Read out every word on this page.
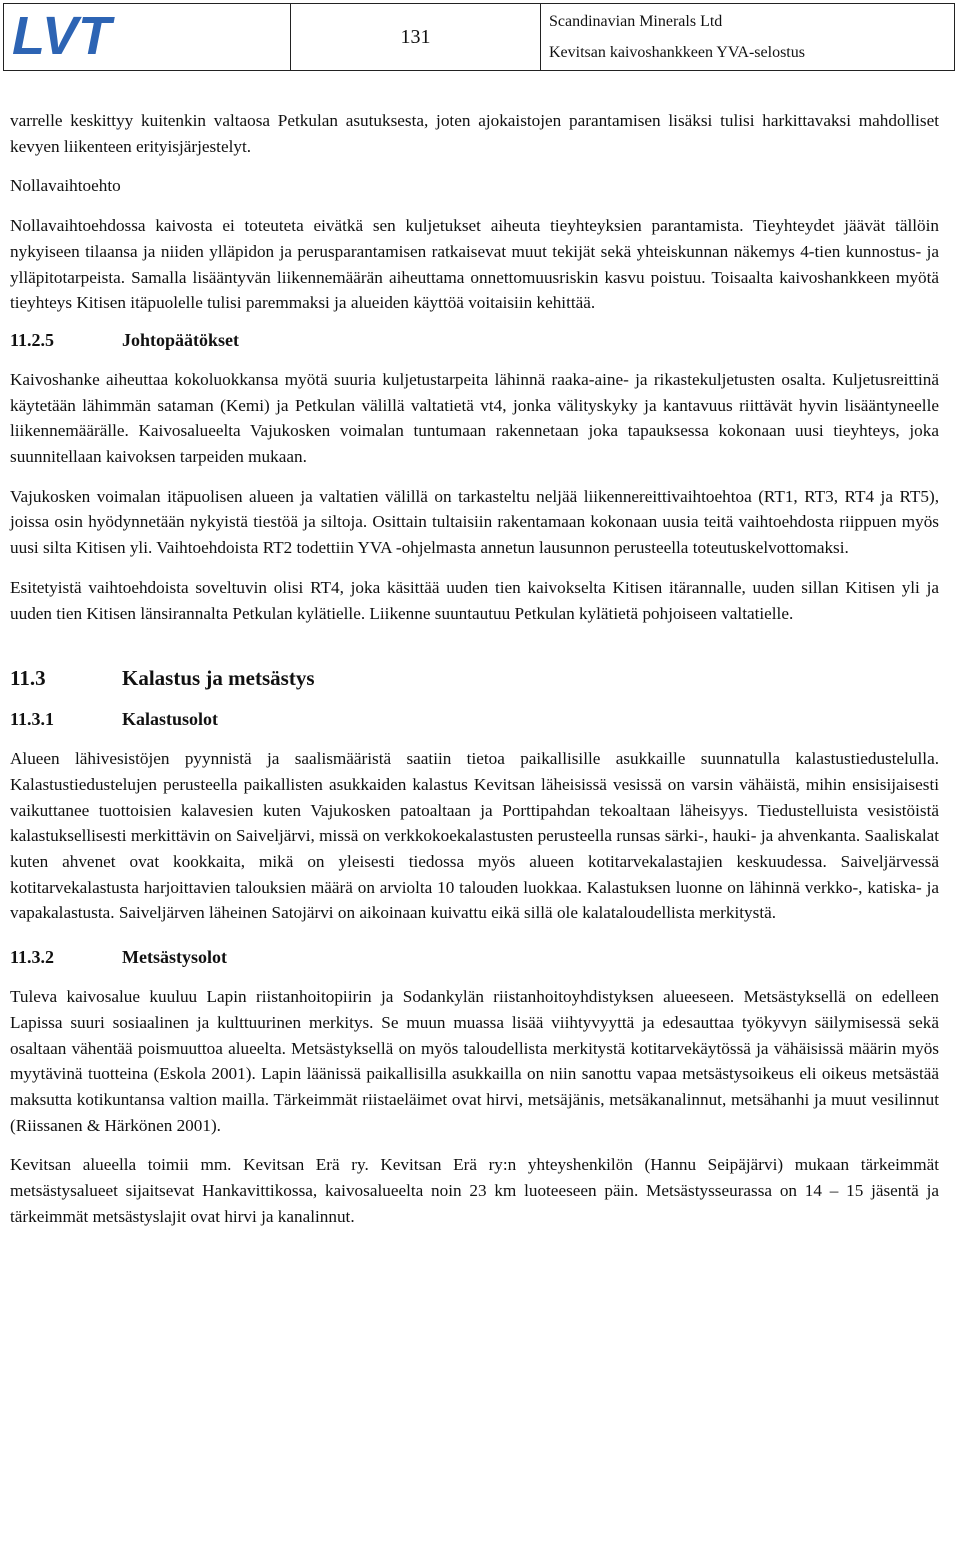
LVT	131
Scandinavian Minerals Ltd
Kevitsan kaivoshankkeen YVA-selostus

varrelle keskittyy kuitenkin valtaosa Petkulan asutuksesta, joten ajokaistojen parantamisen lisäksi tulisi harkittavaksi mahdolliset kevyen liikenteen erityisjärjestelyt.

Nollavaihtoehto

Nollavaihtoehdossa kaivosta ei toteuteta eivätkä sen kuljetukset aiheuta tieyhteyksien parantamista. Tieyhteydet jäävät tällöin nykyiseen tilaansa ja niiden ylläpidon ja perusparantamisen ratkaisevat muut tekijät sekä yhteiskunnan näkemys 4-tien kunnostus- ja ylläpitotarpeista. Samalla lisääntyvän liikennemäärän aiheuttama onnettomuusriskin kasvu poistuu. Toisaalta kaivoshankkeen myötä tieyhteys Kitisen itäpuolelle tulisi paremmaksi ja alueiden käyttöä voitaisiin kehittää.

11.2.5	Johtopäätökset

Kaivoshanke aiheuttaa kokoluokkansa myötä suuria kuljetustarpeita lähinnä raaka-aine- ja rikastekuljetusten osalta. Kuljetusreittinä käytetään lähimmän sataman (Kemi) ja Petkulan välillä valtatietä vt4, jonka välityskyky ja kantavuus riittävät hyvin lisääntyneelle liikennemäärälle. Kaivosalueelta Vajukosken voimalan tuntumaan rakennetaan joka tapauksessa kokonaan uusi tieyhteys, joka suunnitellaan kaivoksen tarpeiden mukaan.

Vajukosken voimalan itäpuolisen alueen ja valtatien välillä on tarkasteltu neljää liikennereittivaihtoehtoa (RT1, RT3, RT4 ja RT5), joissa osin hyödynnetään nykyistä tiestöä ja siltoja. Osittain tultaisiin rakentamaan kokonaan uusia teitä vaihtoehdosta riippuen myös uusi silta Kitisen yli. Vaihtoehdoista RT2 todettiin YVA -ohjelmasta annetun lausunnon perusteella toteutuskelvottomaksi.

Esitetyistä vaihtoehdoista soveltuvin olisi RT4, joka käsittää uuden tien kaivokselta Kitisen itärannalle, uuden sillan Kitisen yli ja uuden tien Kitisen länsirannalta Petkulan kylätielle. Liikenne suuntautuu Petkulan kylätietä pohjoiseen valtatielle.

11.3	Kalastus ja metsästys
11.3.1	Kalastusolot

Alueen lähivesistöjen pyynnistä ja saalismääristä saatiin tietoa paikallisille asukkaille suunnatulla kalastustiedustelulla. Kalastustiedustelujen perusteella paikallisten asukkaiden kalastus Kevitsan läheisissä vesissä on varsin vähäistä, mihin ensisijaisesti vaikuttanee tuottoisien kalavesien kuten Vajukosken patoaltaan ja Porttipahdan tekoaltaan läheisyys. Tiedustelluista vesistöistä kalastuksellisesti merkittävin on Saiveljärvi, missä on verkkokoekalastusten perusteella runsas särki-, hauki- ja ahvenkanta. Saaliskalat kuten ahvenet ovat kookkaita, mikä on yleisesti tiedossa myös alueen kotitarvekalastajien keskuudessa. Saiveljärvessä kotitarvekalastusta harjoittavien talouksien määrä on arviolta 10 talouden luokkaa. Kalastuksen luonne on lähinnä verkko-, katiska- ja vapakalastusta. Saiveljärven läheinen Satojärvi on aikoinaan kuivattu eikä sillä ole kalataloudellista merkitystä.

11.3.2	Metsästysolot

Tuleva kaivosalue kuuluu Lapin riistanhoitopiirin ja Sodankylän riistanhoitoyhdistyksen alueeseen. Metsästyksellä on edelleen Lapissa suuri sosiaalinen ja kulttuurinen merkitys. Se muun muassa lisää viihtyvyyttä ja edesauttaa työkyvyn säilymisessä sekä osaltaan vähentää poismuuttoa alueelta. Metsästyksellä on myös taloudellista merkitystä kotitarvekäytössä ja vähäisissä määrin myös myytävinä tuotteina (Eskola 2001). Lapin läänissä paikallisilla asukkailla on niin sanottu vapaa metsästysoikeus eli oikeus metsästää maksutta kotikuntansa valtion mailla. Tärkeimmät riistaeläimet ovat hirvi, metsäjänis, metsäkanalinnut, metsähanhi ja muut vesilinnut (Riissanen & Härkönen 2001).

Kevitsan alueella toimii mm. Kevitsan Erä ry. Kevitsan Erä ry:n yhteyshenkilön (Hannu Seipäjärvi) mukaan tärkeimmät metsästysalueet sijaitsevat Hankavittikossa, kaivosalueelta noin 23 km luoteeseen päin. Metsästysseurassa on 14 – 15 jäsentä ja tärkeimmät metsästyslajit ovat hirvi ja kanalinnut.
